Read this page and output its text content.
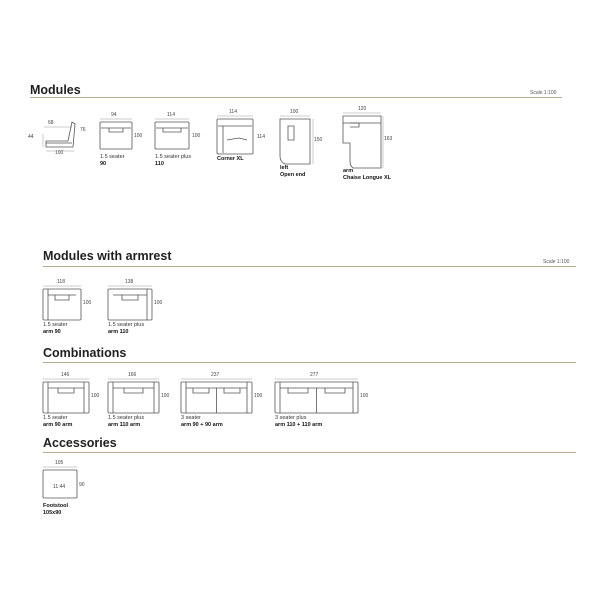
Modules	Scale 1:100
68
76
44
100
94
100
1.5 seater
90
114
100
1.5 seater plus
110
114
114
Corner XL
100
150
left
Open end
120
163
arm
Chaise Longue XL
Modules with armrest	Scale 1:100
118
100
1.5 seater
arm 90
138
100
1.5 seater plus
arm 110
Combinations
146
100
1.5 seater
arm 90 arm
166
100
1.5 seater plus
arm 110 arm
237
100
3 seater
arm 90 + 90 arm
277
100
3 seater plus
arm 110 + 110 arm
Accessories
105
11:44	90
Footstool
105x90
